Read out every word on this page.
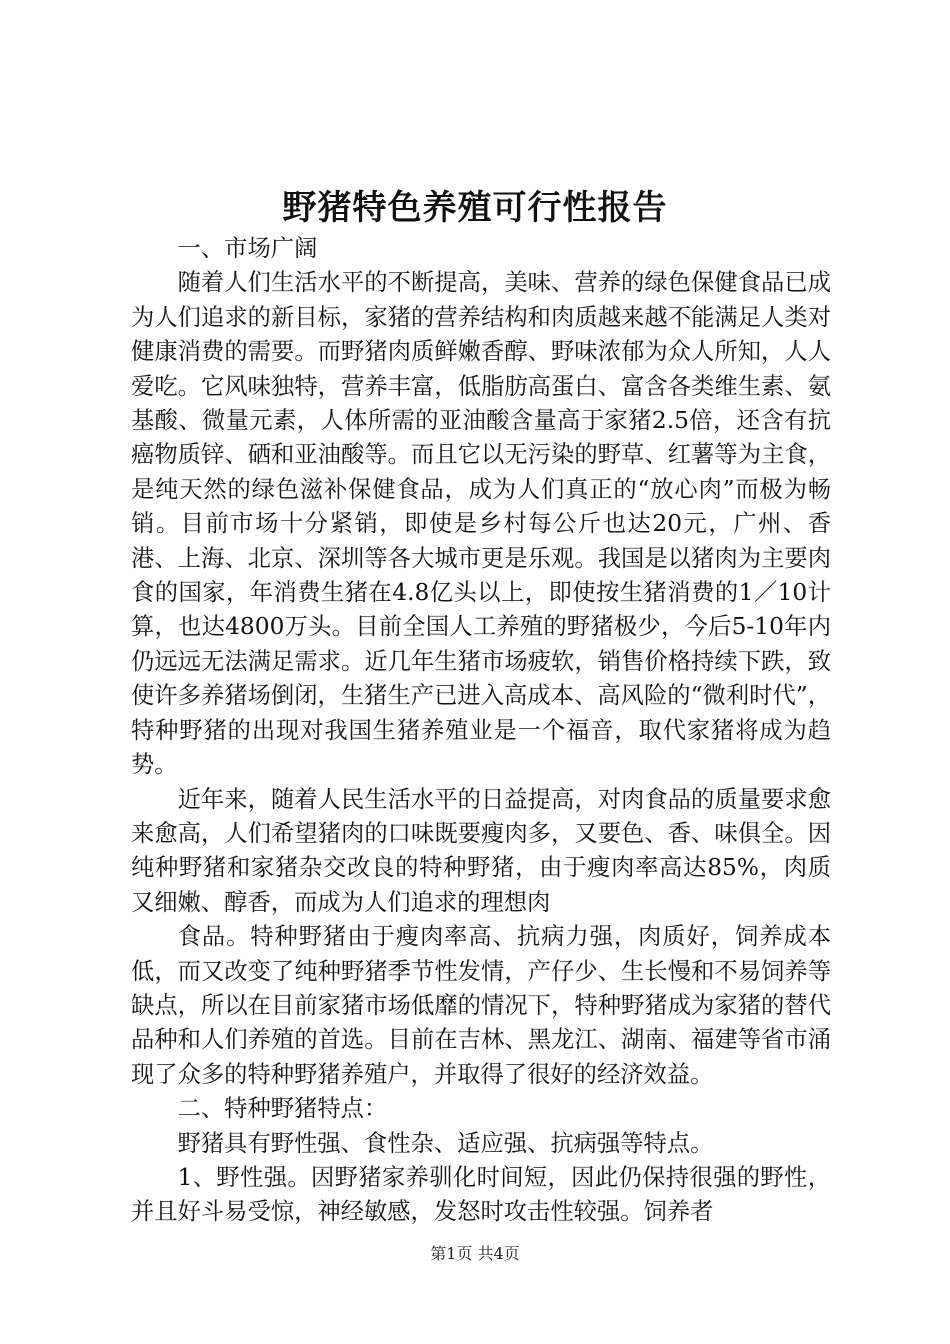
野猪特色养殖可行性报告

一、市场广阔

随着人们生活水平的不断提高，美味、营养的绿色保健食品已成为人们追求的新目标，家猪的营养结构和肉质越来越不能满足人类对健康消费的需要。而野猪肉质鲜嫩香醇、野味浓郁为众人所知，人人爱吃。它风味独特，营养丰富，低脂肪高蛋白、富含各类维生素、氨基酸、微量元素，人体所需的亚油酸含量高于家猪2.5倍，还含有抗癌物质锌、硒和亚油酸等。而且它以无污染的野草、红薯等为主食，是纯天然的绿色滋补保健食品，成为人们真正的“放心肉”而极为畅销。目前市场十分紧销，即使是乡村每公斤也达20元，广州、香港、上海、北京、深圳等各大城市更是乐观。我国是以猪肉为主要肉食的国家，年消费生猪在4.8亿头以上，即使按生猪消费的1／10计算，也达4800万头。目前全国人工养殖的野猪极少，今后5-10年内仍远远无法满足需求。近几年生猪市场疲软，销售价格持续下跌，致使许多养猪场倒闭，生猪生产已进入高成本、高风险的“微利时代”，特种野猪的出现对我国生猪养殖业是一个福音，取代家猪将成为趋势。

近年来，随着人民生活水平的日益提高，对肉食品的质量要求愈来愈高，人们希望猪肉的口味既要瘦肉多，又要色、香、味俱全。因纯种野猪和家猪杂交改良的特种野猪，由于瘦肉率高达85%，肉质又细嫩、醇香，而成为人们追求的理想肉

食品。特种野猪由于瘦肉率高、抗病力强，肉质好，饲养成本低，而又改变了纯种野猪季节性发情，产仔少、生长慢和不易饲养等缺点，所以在目前家猪市场低靡的情况下，特种野猪成为家猪的替代品种和人们养殖的首选。目前在吉林、黑龙江、湖南、福建等省市涌现了众多的特种野猪养殖户，并取得了很好的经济效益。

二、特种野猪特点：

野猪具有野性强、食性杂、适应强、抗病强等特点。

1、野性强。因野猪家养驯化时间短，因此仍保持很强的野性，并且好斗易受惊，神经敏感，发怒时攻击性较强。饲养者

第1页 共4页
